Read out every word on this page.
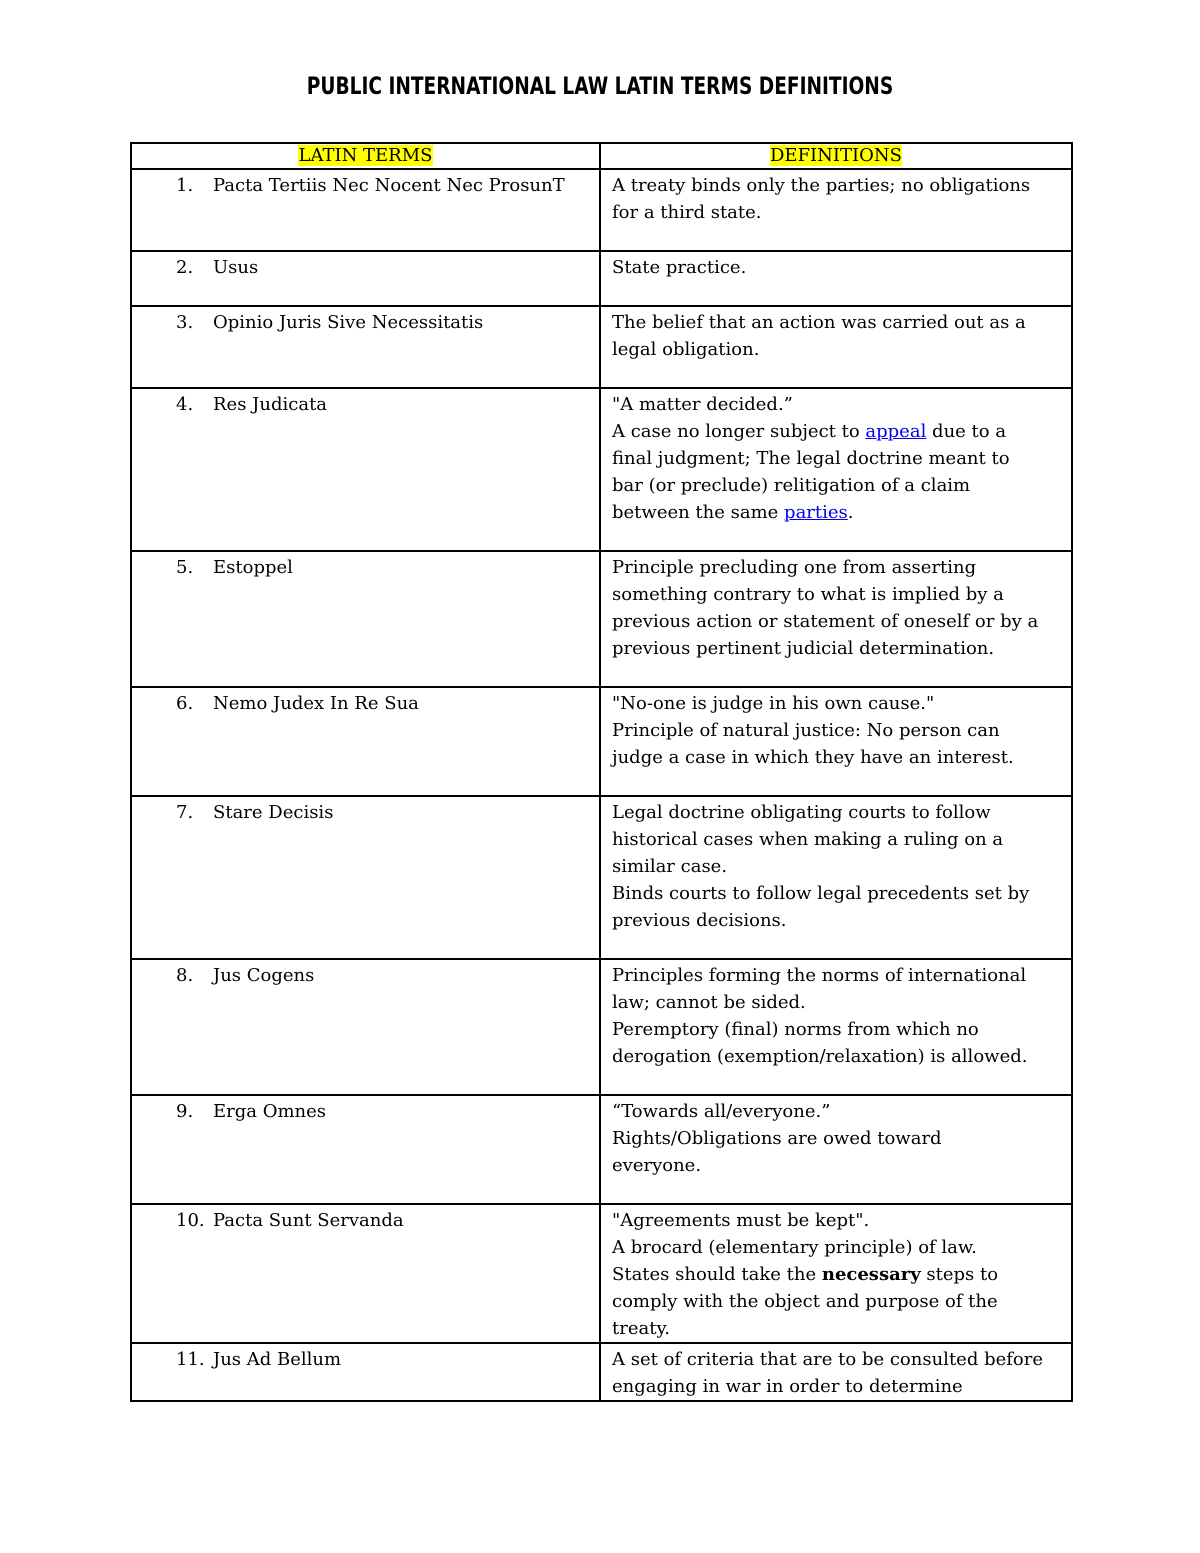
PUBLIC INTERNATIONAL LAW LATIN TERMS DEFINITIONS
LATIN TERMS	DEFINITIONS

1. Pacta Tertiis Nec Nocent Nec ProsunT	A treaty binds only the parties; no obligations
for a third state.

2. Usus	State practice.

3. Opinio Juris Sive Necessitatis	The belief that an action was carried out as a
legal obligation.

4. Res Judicata	"A matter decided.”
A case no longer subject to appeal due to a
final judgment; The legal doctrine meant to
bar (or preclude) relitigation of a claim
between the same parties.

5. Estoppel	Principle precluding one from asserting
something contrary to what is implied by a
previous action or statement of oneself or by a
previous pertinent judicial determination.

6. Nemo Judex In Re Sua	"No-one is judge in his own cause."
Principle of natural justice: No person can
judge a case in which they have an interest.

7. Stare Decisis	Legal doctrine obligating courts to follow
historical cases when making a ruling on a
similar case.
Binds courts to follow legal precedents set by
previous decisions.

8. Jus Cogens	Principles forming the norms of international
law; cannot be sided.
Peremptory (final) norms from which no
derogation (exemption/relaxation) is allowed.

9. Erga Omnes	“Towards all/everyone.”
Rights/Obligations are owed toward
everyone.

10. Pacta Sunt Servanda	"Agreements must be kept".
A brocard (elementary principle) of law.
States should take the necessary steps to
comply with the object and purpose of the
treaty.

11. Jus Ad Bellum	A set of criteria that are to be consulted before
engaging in war in order to determine
